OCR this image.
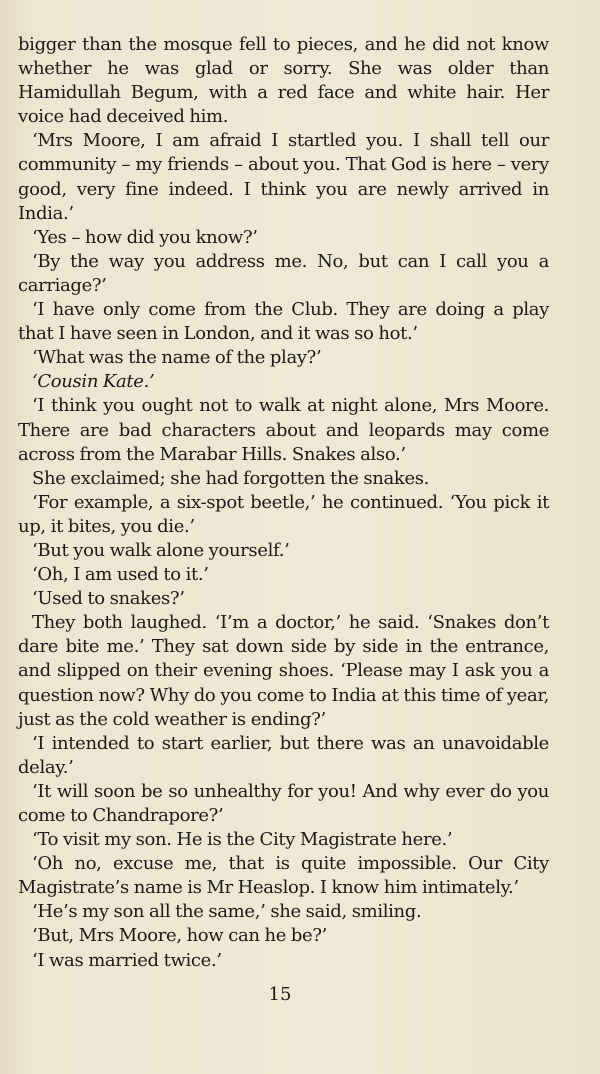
bigger than the mosque fell to pieces, and he did not know whether he was glad or sorry. She was older than Hamidullah Begum, with a red face and white hair. Her voice had deceived him.

‘Mrs Moore, I am afraid I startled you. I shall tell our community – my friends – about you. That God is here – very good, very fine indeed. I think you are newly arrived in India.’

‘Yes – how did you know?’

‘By the way you address me. No, but can I call you a carriage?’

‘I have only come from the Club. They are doing a play that I have seen in London, and it was so hot.’

‘What was the name of the play?’

‘Cousin Kate.’

‘I think you ought not to walk at night alone, Mrs Moore. There are bad characters about and leopards may come across from the Marabar Hills. Snakes also.’

She exclaimed; she had forgotten the snakes.

‘For example, a six-spot beetle,’ he continued. ‘You pick it up, it bites, you die.’

‘But you walk alone yourself.’

‘Oh, I am used to it.’

‘Used to snakes?’

They both laughed. ‘I’m a doctor,’ he said. ‘Snakes don’t dare bite me.’ They sat down side by side in the entrance, and slipped on their evening shoes. ‘Please may I ask you a question now? Why do you come to India at this time of year, just as the cold weather is ending?’

‘I intended to start earlier, but there was an unavoidable delay.’

‘It will soon be so unhealthy for you! And why ever do you come to Chandrapore?’

‘To visit my son. He is the City Magistrate here.’

‘Oh no, excuse me, that is quite impossible. Our City Magistrate’s name is Mr Heaslop. I know him intimately.’

‘He’s my son all the same,’ she said, smiling.

‘But, Mrs Moore, how can he be?’

‘I was married twice.’

15
